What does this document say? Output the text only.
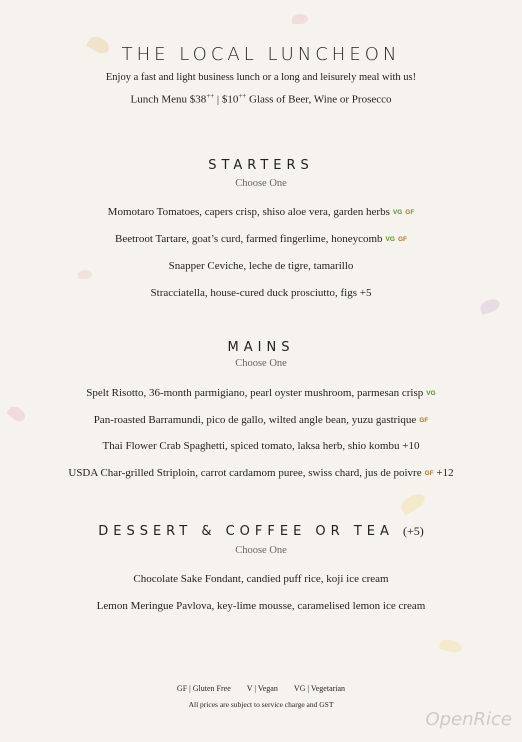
THE LOCAL LUNCHEON
Enjoy a fast and light business lunch or a long and leisurely meal with us!
Lunch Menu $38++ | $10++ Glass of Beer, Wine or Prosecco
STARTERS
Choose One
Momotaro Tomatoes, capers crisp, shiso aloe vera, garden herbs VG GF
Beetroot Tartare, goat’s curd, farmed fingerlime, honeycomb VG GF
Snapper Ceviche, leche de tigre, tamarillo
Stracciatella, house-cured duck prosciutto, figs +5
MAINS
Choose One
Spelt Risotto, 36-month parmigiano, pearl oyster mushroom, parmesan crisp VG
Pan-roasted Barramundi, pico de gallo, wilted angle bean, yuzu gastrique GF
Thai Flower Crab Spaghetti, spiced tomato, laksa herb, shio kombu +10
USDA Char-grilled Striploin, carrot cardamom puree, swiss chard, jus de poivre GF +12
DESSERT & COFFEE OR TEA (+5)
Choose One
Chocolate Sake Fondant, candied puff rice, koji ice cream
Lemon Meringue Pavlova, key-lime mousse, caramelised lemon ice cream
GF | Gluten Free V | Vegan VG | Vegetarian
All prices are subject to service charge and GST
OpenRice
